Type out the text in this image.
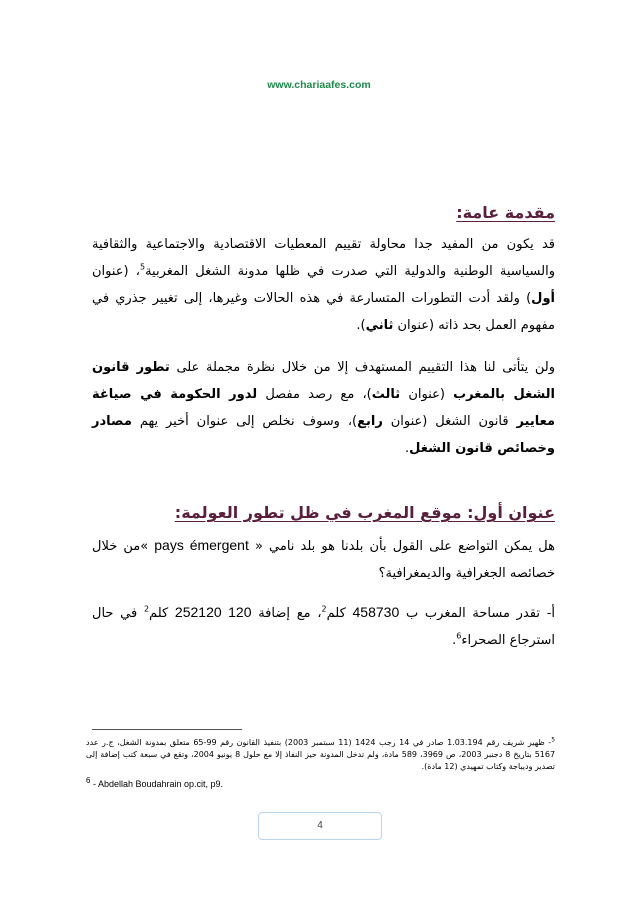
www.chariaafes.com
مقدمة عامة:

قد يكون من المفيد جدا محاولة تقييم المعطيات الاقتصادية والاجتماعية والثقافية والسياسية الوطنية والدولية التي صدرت في ظلها مدونة الشغل المغربية$^5$، (عنوان أول) ولقد أدت التطورات المتسارعة في هذه الحالات وغيرها، إلى تغيير جذري في مفهوم العمل بحد ذاته (عنوان ثاني).

ولن يتأتى لنا هذا التقييم المستهدف إلا من خلال نظرة مجملة على تطور قانون الشغل بالمغرب (عنوان ثالث)، مع رصد مفصل لدور الحكومة في صياغة معايير قانون الشغل (عنوان رابع)، وسوف نخلص إلى عنوان أخير يهم مصادر وخصائص قانون الشغل.

عنوان أول: موقع المغرب في ظل تطور العولمة:

هل يمكن التواضع على القول بأن بلدنا هو بلد نامي « pays émergent »من خلال خصائصه الجغرافية والديمغرافية؟

أ- تقدر مساحة المغرب ب 458730 كلم$^2$، مع إضافة 252120 120 كلم$^2$ في حال استرجاع الصحراء$^6$.

$^5$- ظهير شريف رقم 1.03.194 صادر في 14 رجب 1424 (11 سبتمبر 2003) بتنفيذ القانون رقم 99-65 متعلق بمدونة الشغل، ج.ر عدد 5167 بتاريخ 8 دجنبر 2003، ص 3969، 589 مادة، ولم تدخل المدونة حيز النفاذ إلا مع حلول 8 يونيو 2004، وتقع في سبعة كتب إضافة إلى تصدير وديباجة وكتاب تمهيدي (12 مادة).
$^6$ - Abdellah Boudahrain op.cit, p9.
4
